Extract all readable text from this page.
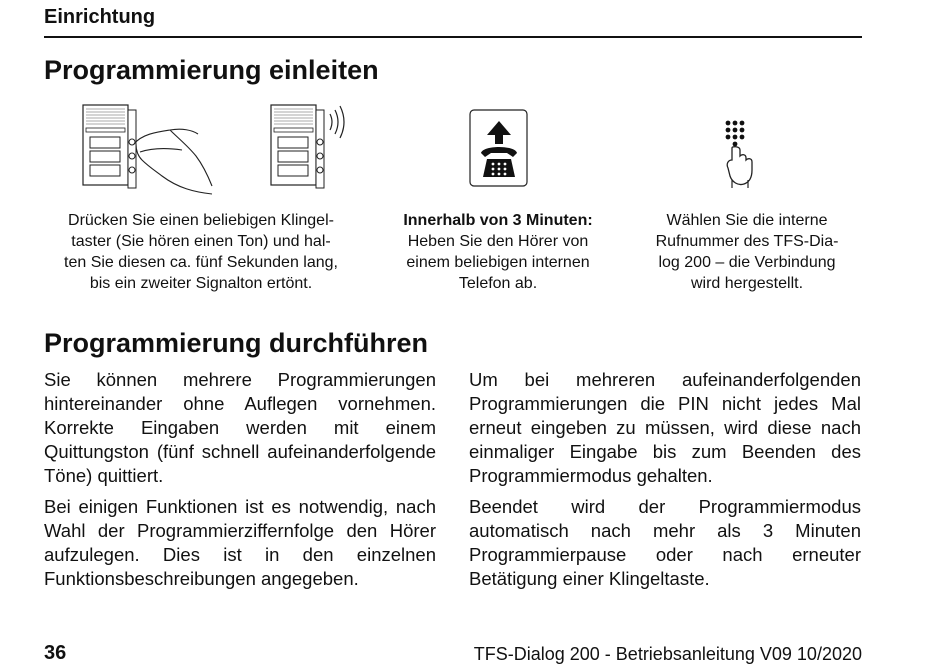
Einrichtung
Programmierung einleiten
Drücken Sie einen beliebigen Klingel-
taster (Sie hören einen Ton) und hal-
ten Sie diesen ca. fünf Sekunden lang,
bis ein zweiter Signalton ertönt.
Innerhalb von 3 Minuten:
Heben Sie den Hörer von
einem beliebigen internen
Telefon ab.
Wählen Sie die interne
Rufnummer des TFS-Dia-
log 200 – die Verbindung
wird hergestellt.
Programmierung durchführen

Sie können mehrere Programmierungen hintereinander ohne Auflegen vornehmen. Korrekte Eingaben werden mit einem Quittungston (fünf schnell aufeinanderfolgende Töne) quittiert.

Bei einigen Funktionen ist es notwendig, nach Wahl der Programmierziffernfolge den Hörer aufzulegen. Dies ist in den einzelnen Funktionsbeschreibungen angegeben.

Um bei mehreren aufeinanderfolgenden Programmierungen die PIN nicht jedes Mal erneut eingeben zu müssen, wird diese nach einmaliger Eingabe bis zum Beenden des Programmiermodus gehalten.

Beendet wird der Programmiermodus automatisch nach mehr als 3 Minuten Programmierpause oder nach erneuter Betätigung einer Klingeltaste.

36	TFS-Dialog 200 - Betriebsanleitung V09 10/2020
